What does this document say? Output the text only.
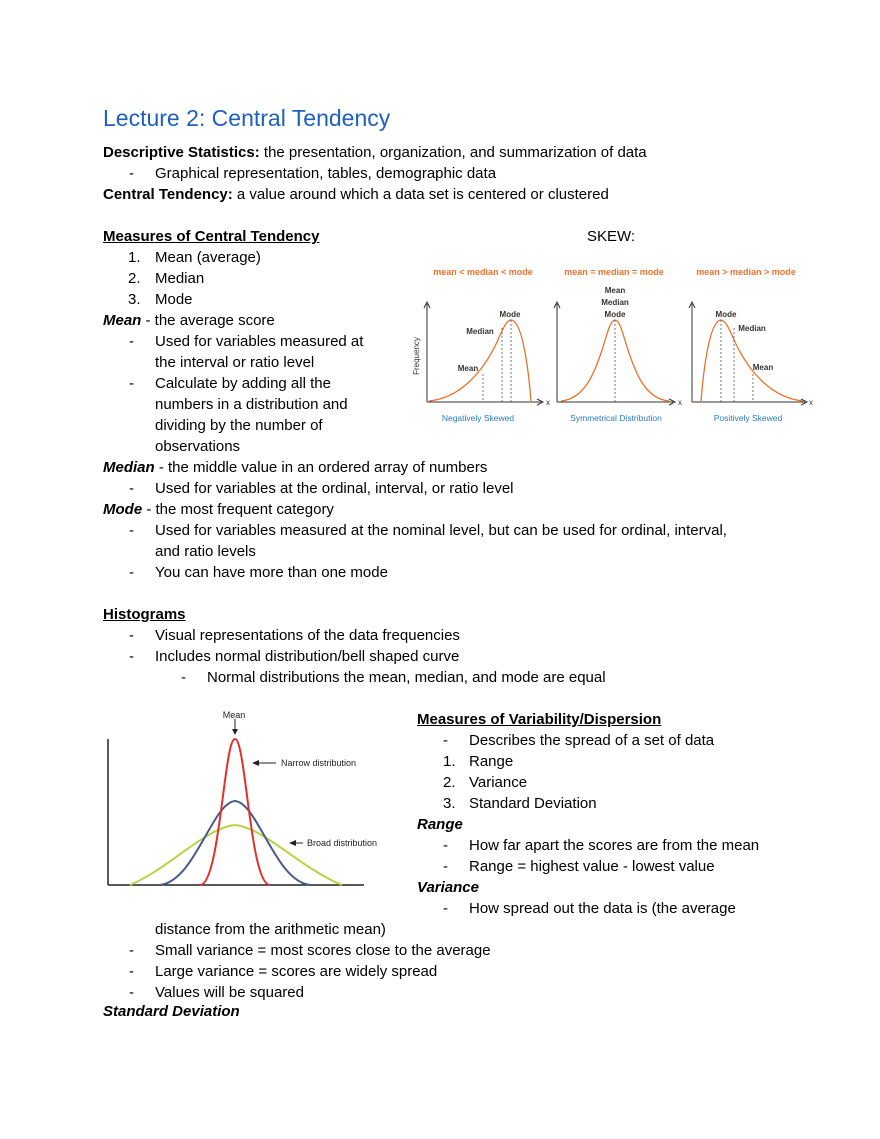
Lecture 2: Central Tendency
Descriptive Statistics: the presentation, organization, and summarization of data
- Graphical representation, tables, demographic data
Central Tendency: a value around which a data set is centered or clustered
Measures of Central Tendency	SKEW:
1. Mean (average)
2. Median
3. Mode
Mean - the average score
- Used for variables measured at
the interval or ratio level
- Calculate by adding all the
numbers in a distribution and
dividing by the number of
observations
Median - the middle value in an ordered array of numbers
- Used for variables at the ordinal, interval, or ratio level
Mode - the most frequent category
- Used for variables measured at the nominal level, but can be used for ordinal, interval,
and ratio levels
- You can have more than one mode
Histograms
- Visual representations of the data frequencies
- Includes normal distribution/bell shaped curve
- Normal distributions the mean, median, and mode are equal
Measures of Variability/Dispersion
- Describes the spread of a set of data
1. Range
2. Variance
3. Standard Deviation
Range
- How far apart the scores are from the mean
- Range = highest value - lowest value
Variance
- How spread out the data is (the average
distance from the arithmetic mean)
- Small variance = most scores close to the average
- Large variance = scores are widely spread
- Values will be squared
Standard Deviation
mean < median < mode	mean = median = mode	mean > median > mode
x
Frequency
Mode
Median
Mean
x
Mean
Median
Mode
x
Mode
Median
Mean
Negatively Skewed	Symmetrical Distribution	Positively Skewed
Mean
Narrow distribution
Broad distribution
